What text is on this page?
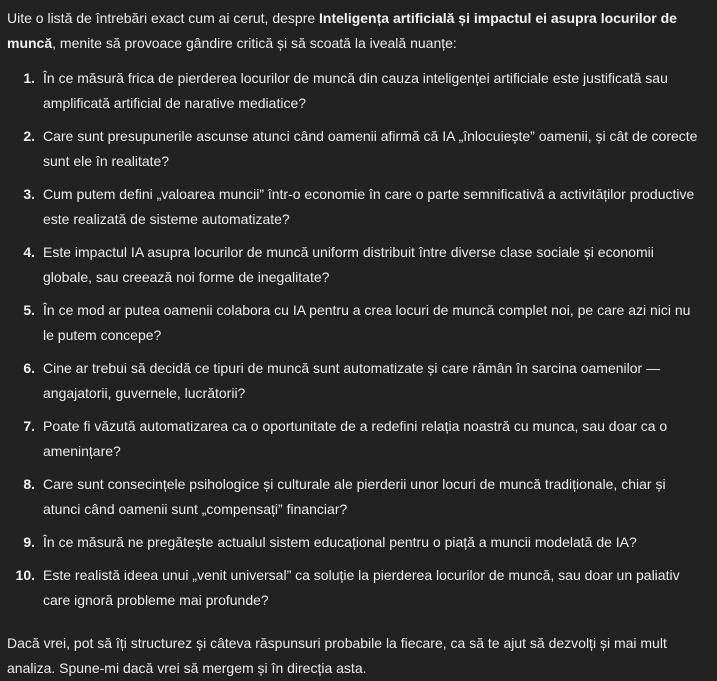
Uite o listă de întrebări exact cum ai cerut, despre Inteligența artificială și impactul ei asupra locurilor de muncă, menite să provoace gândire critică și să scoată la iveală nuanțe:

1. În ce măsură frica de pierderea locurilor de muncă din cauza inteligenței artificiale este justificată sau amplificată artificial de narative mediatice?
2. Care sunt presupunerile ascunse atunci când oamenii afirmă că IA „înlocuiește” oamenii, și cât de corecte sunt ele în realitate?
3. Cum putem defini „valoarea muncii” într-o economie în care o parte semnificativă a activităților productive este realizată de sisteme automatizate?
4. Este impactul IA asupra locurilor de muncă uniform distribuit între diverse clase sociale și economii globale, sau creează noi forme de inegalitate?
5. În ce mod ar putea oamenii colabora cu IA pentru a crea locuri de muncă complet noi, pe care azi nici nu le putem concepe?
6. Cine ar trebui să decidă ce tipuri de muncă sunt automatizate și care rămân în sarcina oamenilor — angajatorii, guvernele, lucrătorii?
7. Poate fi văzută automatizarea ca o oportunitate de a redefini relația noastră cu munca, sau doar ca o amenințare?
8. Care sunt consecințele psihologice și culturale ale pierderii unor locuri de muncă tradiționale, chiar și atunci când oamenii sunt „compensați” financiar?
9. În ce măsură ne pregătește actualul sistem educațional pentru o piață a muncii modelată de IA?
10. Este realistă ideea unui „venit universal” ca soluție la pierderea locurilor de muncă, sau doar un paliativ care ignoră probleme mai profunde?

Dacă vrei, pot să îți structurez și câteva răspunsuri probabile la fiecare, ca să te ajut să dezvolți și mai mult analiza. Spune-mi dacă vrei să mergem și în direcția asta.
